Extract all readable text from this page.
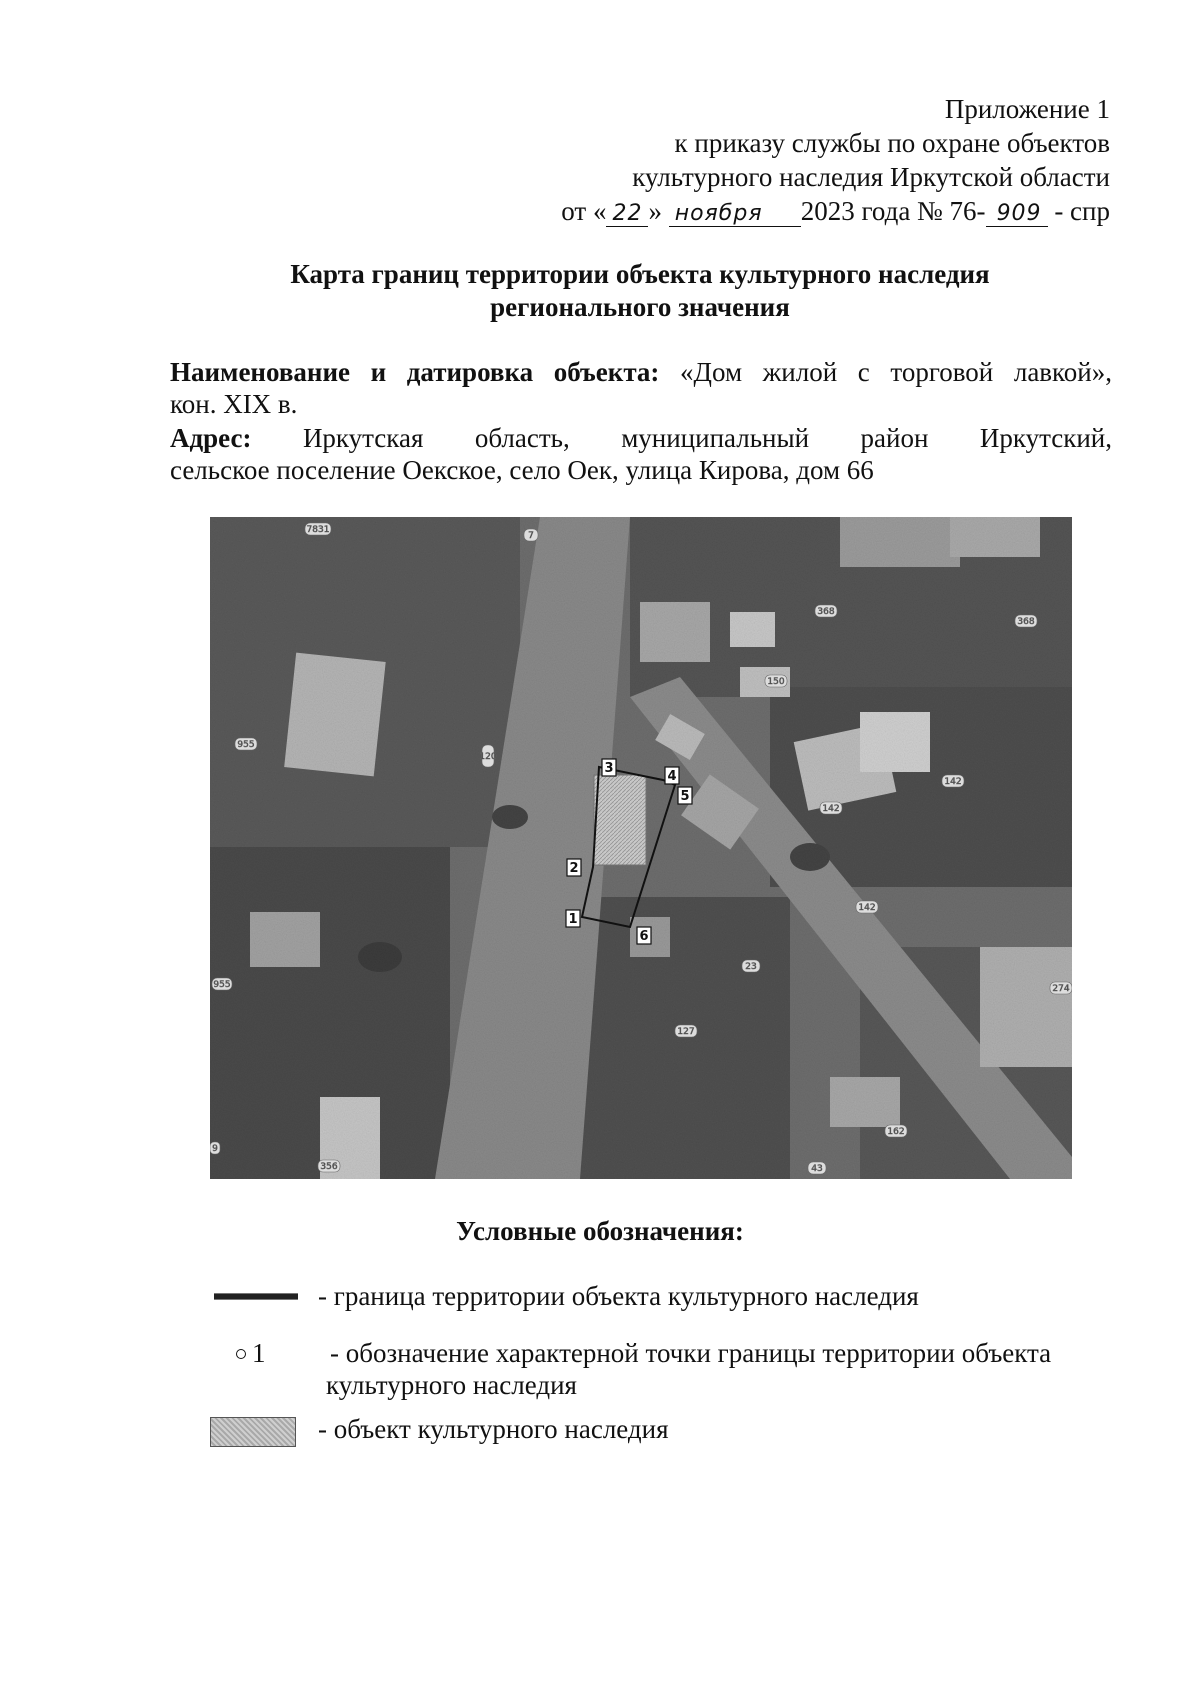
Приложение 1
к приказу службы по охране объектов
культурного наследия Иркутской области
от « 22 » ноября 2023 года № 76- 909 - спр
Карта границ территории объекта культурного наследия
регионального значения
Наименование и датировка объекта: «Дом жилой с торговой лавкой»,
кон. XIX в.
Адрес: Иркутская область, муниципальный район Иркутский,
сельское поселение Оекское, село Оек, улица Кирова, дом 66
1
2
3
4
5
6
7831
7
368
368
150
955
120
142
142
142
955
23
127
274
162
356	43
9
Условные обозначения:
- граница территории объекта культурного наследия
1 - обозначение характерной точки границы территории объекта
культурного наследия
- объект культурного наследия
